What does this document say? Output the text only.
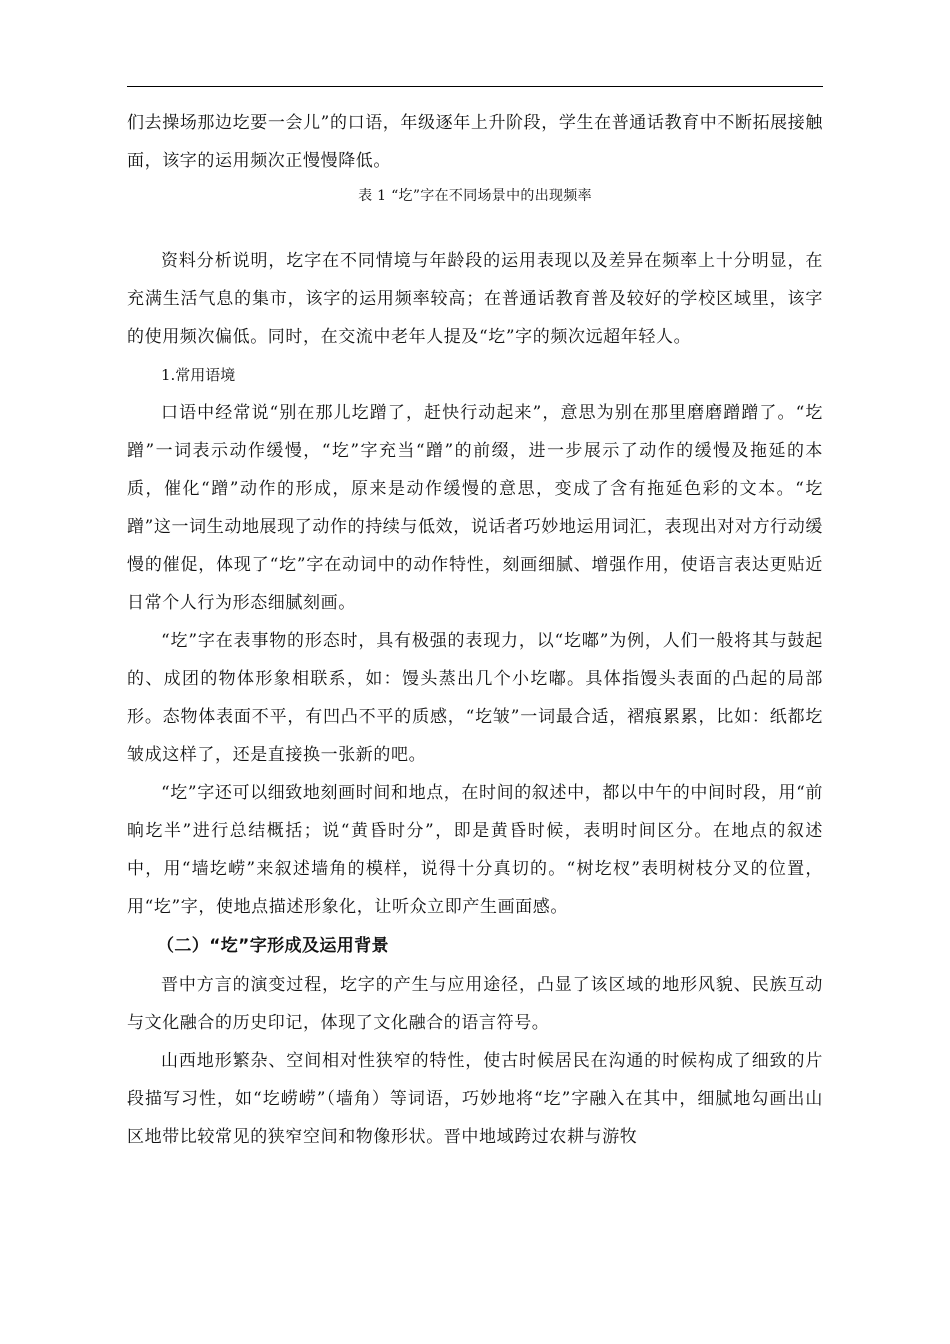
们去操场那边圪要一会儿”的口语，年级逐年上升阶段，学生在普通话教育中不断拓展接触面，该字的运用频次正慢慢降低。

表 1 “圪”字在不同场景中的出现频率

资料分析说明，圪字在不同情境与年龄段的运用表现以及差异在频率上十分明显，在充满生活气息的集市，该字的运用频率较高；在普通话教育普及较好的学校区域里，该字的使用频次偏低。同时，在交流中老年人提及“圪”字的频次远超年轻人。

1.常用语境

口语中经常说“别在那儿圪蹭了，赶快行动起来”，意思为别在那里磨磨蹭蹭了。“圪蹭”一词表示动作缓慢，“圪”字充当“蹭”的前缀，进一步展示了动作的缓慢及拖延的本质，催化“蹭”动作的形成，原来是动作缓慢的意思，变成了含有拖延色彩的文本。“圪蹭”这一词生动地展现了动作的持续与低效，说话者巧妙地运用词汇，表现出对对方行动缓慢的催促，体现了“圪”字在动词中的动作特性，刻画细腻、增强作用，使语言表达更贴近日常个人行为形态细腻刻画。

“圪”字在表事物的形态时，具有极强的表现力，以“圪嘟”为例，人们一般将其与鼓起的、成团的物体形象相联系，如：馒头蒸出几个小圪嘟。具体指馒头表面的凸起的局部形。态物体表面不平，有凹凸不平的质感，“圪皱”一词最合适，褶痕累累，比如：纸都圪皱成这样了，还是直接换一张新的吧。

“圪”字还可以细致地刻画时间和地点，在时间的叙述中，都以中午的中间时段，用“前晌圪半”进行总结概括；说“黄昏时分”，即是黄昏时候，表明时间区分。在地点的叙述中，用“墙圪崂”来叙述墙角的模样，说得十分真切的。“树圪杈”表明树枝分叉的位置，用“圪”字，使地点描述形象化，让听众立即产生画面感。

（二）“圪”字形成及运用背景

晋中方言的演变过程，圪字的产生与应用途径，凸显了该区域的地形风貌、民族互动与文化融合的历史印记，体现了文化融合的语言符号。

山西地形繁杂、空间相对性狭窄的特性，使古时候居民在沟通的时候构成了细致的片段描写习性，如“圪崂崂”（墙角）等词语，巧妙地将“圪”字融入在其中，细腻地勾画出山区地带比较常见的狭窄空间和物像形状。晋中地域跨过农耕与游牧
